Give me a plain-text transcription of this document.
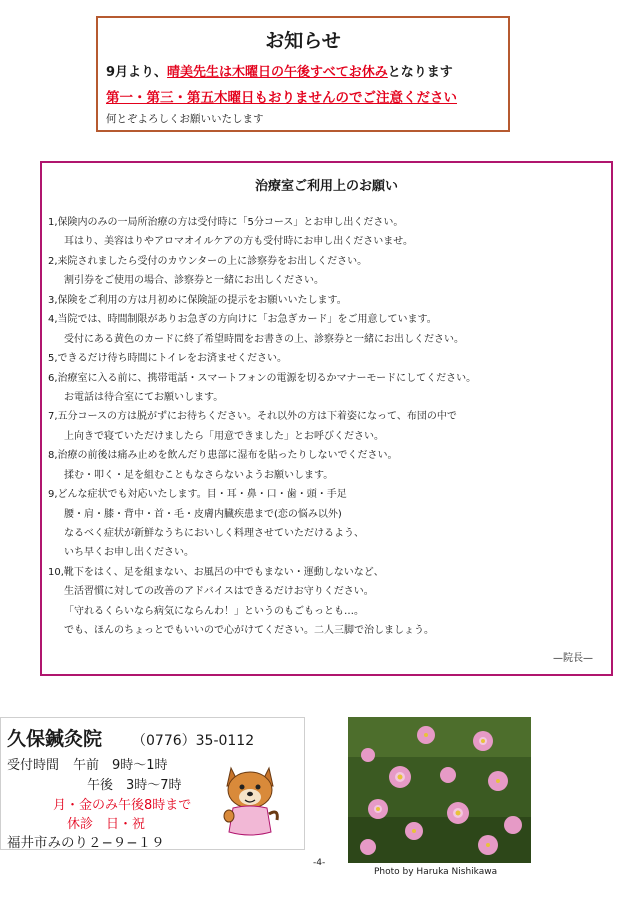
お知らせ
9月より、晴美先生は木曜日の午後すべてお休みとなります
第一・第三・第五木曜日もおりませんのでご注意ください
何とぞよろしくお願いいたします
治療室ご利用上のお願い
1,保険内のみの一局所治療の方は受付時に「5分コース」とお申し出ください。
耳はり、美容はりやアロマオイルケアの方も受付時にお申し出くださいませ。
2,来院されましたら受付のカウンターの上に診察券をお出しください。
割引券をご使用の場合、診察券と一緒にお出しください。
3,保険をご利用の方は月初めに保険証の提示をお願いいたします。
4,当院では、時間制限がありお急ぎの方向けに「お急ぎカード」をご用意しています。
受付にある黄色のカードに終了希望時間をお書きの上、診察券と一緒にお出しください。
5,できるだけ待ち時間にトイレをお済ませください。
6,治療室に入る前に、携帯電話・スマートフォンの電源を切るかマナーモードにしてください。
お電話は待合室にてお願いします。
7,五分コースの方は脱がずにお待ちください。それ以外の方は下着姿になって、布団の中で
上向きで寝ていただけましたら「用意できました」とお呼びください。
8,治療の前後は痛み止めを飲んだり患部に湿布を貼ったりしないでください。
揉む・叩く・足を組むこともなさらないようお願いします。
9,どんな症状でも対応いたします。目・耳・鼻・口・歯・頭・手足
腰・肩・膝・背中・首・毛・皮膚内臓疾患まで(恋の悩み以外)
なるべく症状が新鮮なうちにおいしく料理させていただけるよう、
いち早くお申し出ください。
10,靴下をはく、足を組まない、お風呂の中でもまない・運動しないなど、
生活習慣に対しての改善のアドバイスはできるだけお守りください。
「守れるくらいなら病気にならんわ！」というのもごもっとも…。
でも、ほんのちょっとでもいいので心がけてください。二人三脚で治しましょう。
—院長—
久保鍼灸院 （0776）35-0112
受付時間 午前　9時〜1時
午後　3時〜7時
月・金のみ午後8時まで
休診　日・祝
福井市みのり２−９−１９
Photo by Haruka Nishikawa
-4-
